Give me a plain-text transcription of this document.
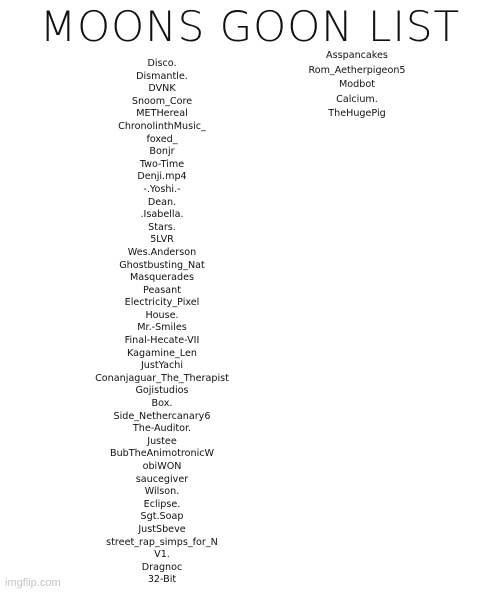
MOONS GOON LIST
Disco.
Dismantle.
DVNK
Snoom_Core
METHereal
ChronolinthMusic_
foxed_
Bonjr
Two-Time
Denji.mp4
-.Yoshi.-
Dean.
.Isabella.
Stars.
5LVR
Wes.Anderson
Ghostbusting_Nat
Masquerades
Peasant
Electricity_Pixel
House.
Mr.-Smiles
Final-Hecate-VII
Kagamine_Len
JustYachi
Conanjaguar_The_Therapist
Gojistudios
Box.
Side_Nethercanary6
The-Auditor.
Justee
BubTheAnimotronicW
obiWON
saucegiver
Wilson.
Eclipse.
Sgt.Soap
JustSbeve
street_rap_simps_for_N
V1.
Dragnoc
32-Bit
Asspancakes
Rom_Aetherpigeon5
Modbot
Calcium.
TheHugePig
imgflip.com
